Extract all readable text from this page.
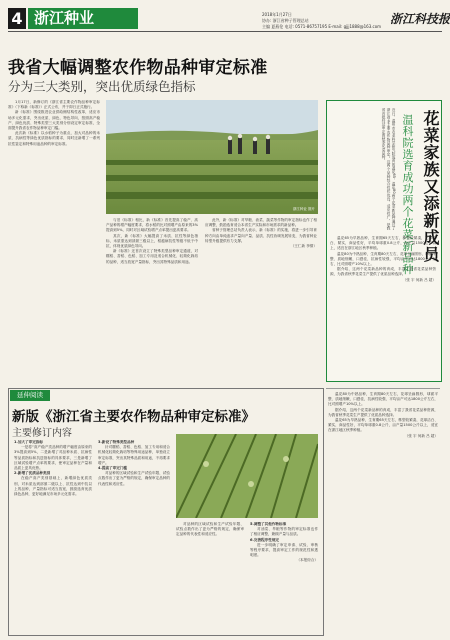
4 浙江种业	2018年1月27日
协办: 浙江省种子管理总站
主编 夏燕伦 电话: 0571-86757195 E-mail: gjjj1888@163.com
浙江科技报
我省大幅调整农作物品种审定标准
分为三大类别，突出优质绿色指标

1月17日，新修订的《浙江省主要农作物品种审定标准》（下称新《标准》）正式公布，并于即日正式施行。

新《标准》围绕推进农业供给侧结构性改革，适应市场多元化需求，突出优质、绿色、特色导向，按照高产稳产、绿色优质、特殊类型三大类别分别设定审定标准，全面提升我省农作物品种审定门槛。

此次新《标准》以水稻种子为重点，加大对品种的米质、抗病性等绿色优质指标的要求，同时还新增了一系列抗性鉴定和特殊用途品种的审定标准。

浙江种业 图片

与旧《标准》相比，新《标准》首先提高了稳产、高产品种的增产幅度要求，将水稻的比对照增产由原来的3%提高到5%，同时对区域试验增产点率提出更高要求。

其次，新《标准》大幅提高了米质、抗性等绿色指标，米质需达到部颁三级以上，稻瘟病抗性等级不低于中抗，体现优质绿色导向。

新《标准》还首次设立了特殊类型品种审定通道，对糯稻、香稻、色稻、加工专用及适合机械化、轻简化栽培的品种，适当放宽产量指标，突出其特殊品质和用途。

此外，新《标准》对旱粮、油菜、蔬菜等作物的审定指标也作了相应调整，鼓励选育适合本省生产实际和市场需求的新品种。

省种子管理总站负责人表示，新《标准》的实施，将进一步引导育种方向由单纯追求产量向产量、品质、抗性协调发展转变，为我省种业转型升级提供有力支撑。

（王仁新 李倩）	花菜家族又添新成员
温科院选育成功两个花菜新品种
近日，温州市农业科学研究院选育的温花65、温花80两个花菜新品种通过了浙江省非主要农作物品种审定。这两个品种综合性状优良，适应性广，是我省首批经过审定的秋季花菜品种。

温花65为早熟品种，生育期65天左右，株型较紧凑，花球洁白、紧实，商品性好，平均单球重0.8公斤，亩产量1500公斤以上，适宜在浙江地区秋季种植。

温花80为中熟品种，生育期80天左右，花球呈扁圆形，球面平整、质地细嫩，口感佳，抗病性较强，平均亩产可达1800公斤左右，比对照增产10%以上。

据介绍，这两个花菜新品种的育成，丰富了我省花菜品种资源，为我省秋季花菜生产提供了优质品种选择。

（张 宇 何新 吕 超）

延伸阅读
新版《浙江省主要农作物品种审定标准》
主要修订内容

1.加大了审定指标

一是将“高产稳产类品种的增产幅度由原来的3%提高到5%，二是新增了对品种米质、抗病性等品质指标和抗逆指标的具体要求，三是新增了区域试验增产点率的要求，使审定品种在产量和品质上更具优势。

2.新增了优质品种类别

在稳产高产类别基础上，新增绿色优质类别，对米质达到部颁二级以上、抗性达到中抗以上的品种，产量指标可适当放宽，鼓励选育优质绿色品种，更好地满足市场多元化需求。

3.新设了特殊类型品种

针对糯稻、香稻、色稻、加工专用和适合机械化轻简化栽培等特殊用途品种，单独设立审定标准，突出其特殊品质和用途，不再要求增产。

4.提高了审定门槛

对品种的区域试验和生产试验年限、试验点数作出了更为严格的规定，确保审定品种的代表性和适应性。

对品种的区域试验和生产试验年限、试验点数作出了更为严格的规定，确保审定品种的代表性和适应性。

5.调整了其他作物标准

对油菜、旱粮等作物的审定标准也作了相应调整，兼顾产量与品质。

6.完善程序性规定

进一步明确了审定申请、试验、审核等程序要求，提高审定工作的规范性和透明度。

（本报综合）

温花80为中熟品种，生育期80天左右，花球呈扁圆形，球面平整、质地细嫩，口感佳，抗病性较强，平均亩产可达1800公斤左右，比对照增产10%以上。

据介绍，这两个花菜新品种的育成，丰富了我省花菜品种资源，为我省秋季花菜生产提供了优质品种选择。

温花65为早熟品种，生育期65天左右，株型较紧凑，花球洁白、紧实，商品性好，平均单球重0.8公斤，亩产量1500公斤以上，适宜在浙江地区秋季种植。

（张 宇 何新 吕 超）
